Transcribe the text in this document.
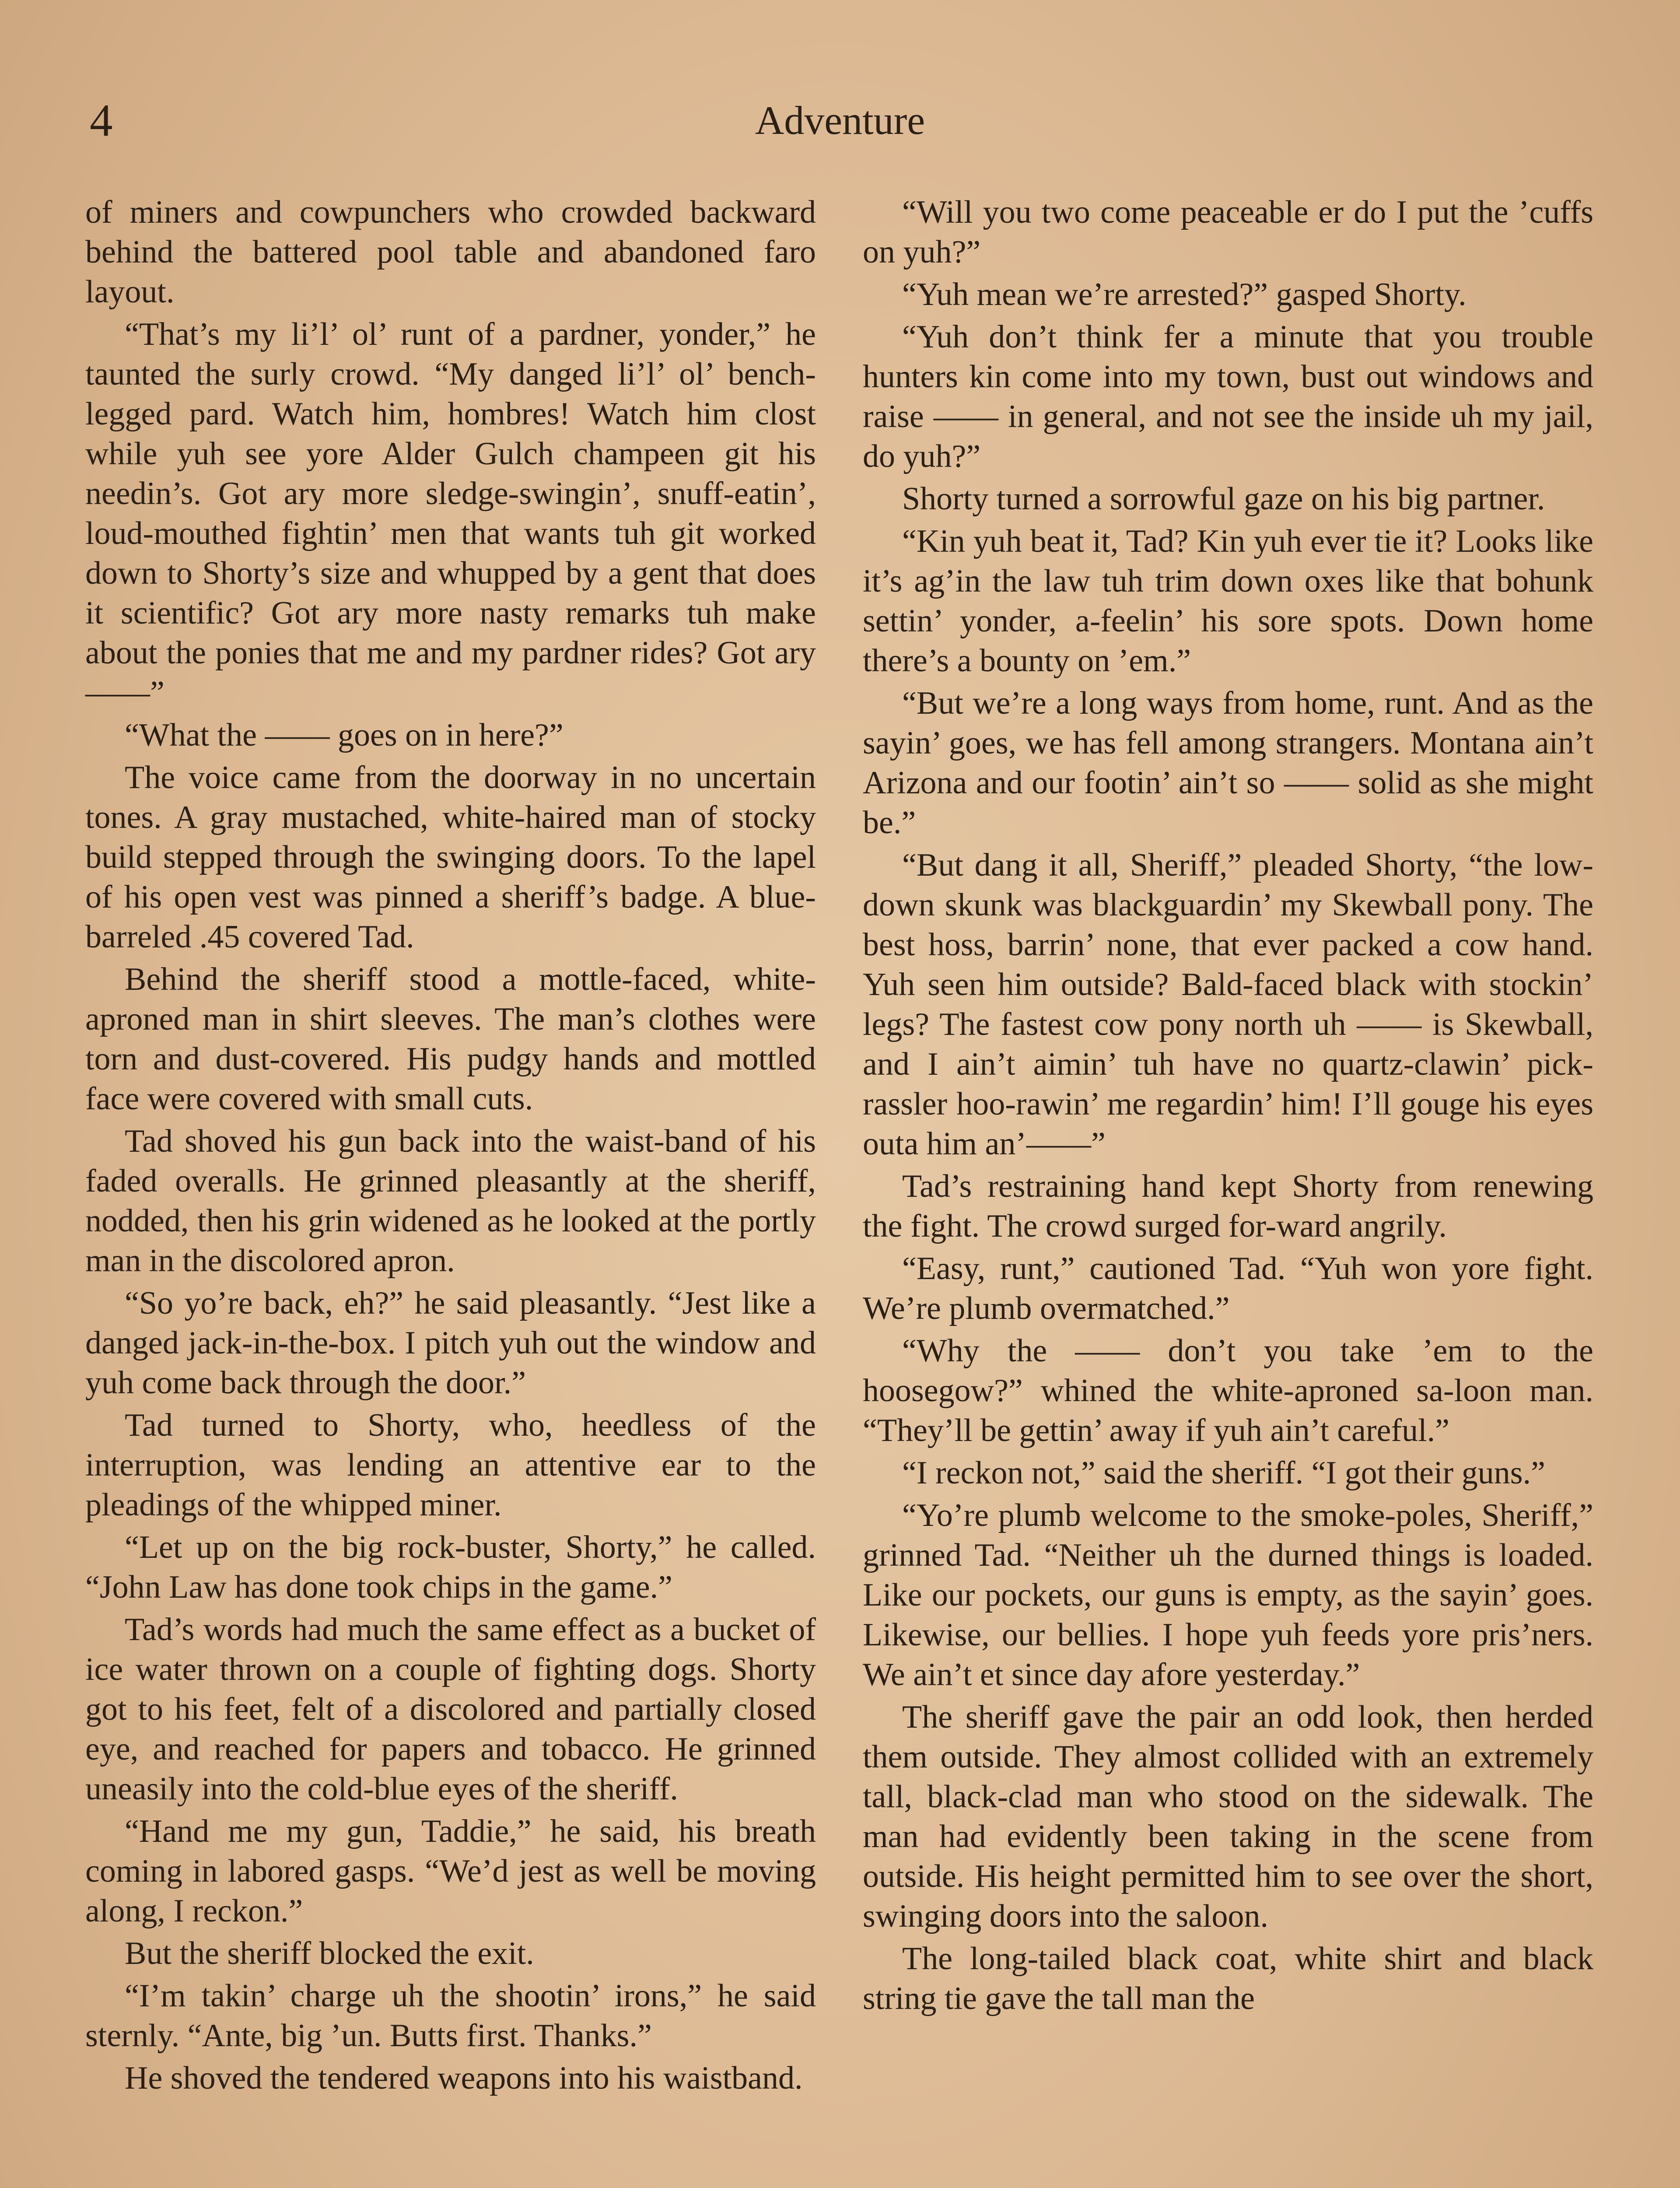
4	Adventure

of miners and cowpunchers who crowded backward behind the battered pool table and abandoned faro layout.

“That’s my li’l’ ol’ runt of a pardner, yonder,” he taunted the surly crowd. “My danged li’l’ ol’ bench-legged pard. Watch him, hombres! Watch him clost while yuh see yore Alder Gulch champeen git his needin’s. Got ary more sledge-swingin’, snuff-eatin’, loud-mouthed fightin’ men that wants tuh git worked down to Shorty’s size and whupped by a gent that does it scientific? Got ary more nasty remarks tuh make about the ponies that me and my pardner rides? Got ary——”

“What the —— goes on in here?”

The voice came from the doorway in no uncertain tones. A gray mustached, white-haired man of stocky build stepped through the swinging doors. To the lapel of his open vest was pinned a sheriff’s badge. A blue-barreled .45 covered Tad.

Behind the sheriff stood a mottle-faced, white-aproned man in shirt sleeves. The man’s clothes were torn and dust-covered. His pudgy hands and mottled face were covered with small cuts.

Tad shoved his gun back into the waist-band of his faded overalls. He grinned pleasantly at the sheriff, nodded, then his grin widened as he looked at the portly man in the discolored apron.

“So yo’re back, eh?” he said pleasantly. “Jest like a danged jack-in-the-box. I pitch yuh out the window and yuh come back through the door.”

Tad turned to Shorty, who, heedless of the interruption, was lending an attentive ear to the pleadings of the whipped miner.

“Let up on the big rock-buster, Shorty,” he called. “John Law has done took chips in the game.”

Tad’s words had much the same effect as a bucket of ice water thrown on a couple of fighting dogs. Shorty got to his feet, felt of a discolored and partially closed eye, and reached for papers and tobacco. He grinned uneasily into the cold-blue eyes of the sheriff.

“Hand me my gun, Taddie,” he said, his breath coming in labored gasps. “We’d jest as well be moving along, I reckon.”

But the sheriff blocked the exit.

“I’m takin’ charge uh the shootin’ irons,” he said sternly. “Ante, big ’un. Butts first. Thanks.”

He shoved the tendered weapons into his waistband.

“Will you two come peaceable er do I put the ’cuffs on yuh?”

“Yuh mean we’re arrested?” gasped Shorty.

“Yuh don’t think fer a minute that you trouble hunters kin come into my town, bust out windows and raise —— in general, and not see the inside uh my jail, do yuh?”

Shorty turned a sorrowful gaze on his big partner.

“Kin yuh beat it, Tad? Kin yuh ever tie it? Looks like it’s ag’in the law tuh trim down oxes like that bohunk settin’ yonder, a-feelin’ his sore spots. Down home there’s a bounty on ’em.”

“But we’re a long ways from home, runt. And as the sayin’ goes, we has fell among strangers. Montana ain’t Arizona and our footin’ ain’t so —— solid as she might be.”

“But dang it all, Sheriff,” pleaded Shorty, “the low-down skunk was blackguardin’ my Skewball pony. The best hoss, barrin’ none, that ever packed a cow hand. Yuh seen him outside? Bald-faced black with stockin’ legs? The fastest cow pony north uh —— is Skewball, and I ain’t aimin’ tuh have no quartz-clawin’ pick-rassler hoo-rawin’ me regardin’ him! I’ll gouge his eyes outa him an’——”

Tad’s restraining hand kept Shorty from renewing the fight. The crowd surged for-ward angrily.

“Easy, runt,” cautioned Tad. “Yuh won yore fight. We’re plumb overmatched.”

“Why the —— don’t you take ’em to the hoosegow?” whined the white-aproned sa-loon man. “They’ll be gettin’ away if yuh ain’t careful.”

“I reckon not,” said the sheriff. “I got their guns.”

“Yo’re plumb welcome to the smoke-poles, Sheriff,” grinned Tad. “Neither uh the durned things is loaded. Like our pockets, our guns is empty, as the sayin’ goes. Likewise, our bellies. I hope yuh feeds yore pris’ners. We ain’t et since day afore yesterday.”

The sheriff gave the pair an odd look, then herded them outside. They almost collided with an extremely tall, black-clad man who stood on the sidewalk. The man had evidently been taking in the scene from outside. His height permitted him to see over the short, swinging doors into the saloon.

The long-tailed black coat, white shirt and black string tie gave the tall man the
